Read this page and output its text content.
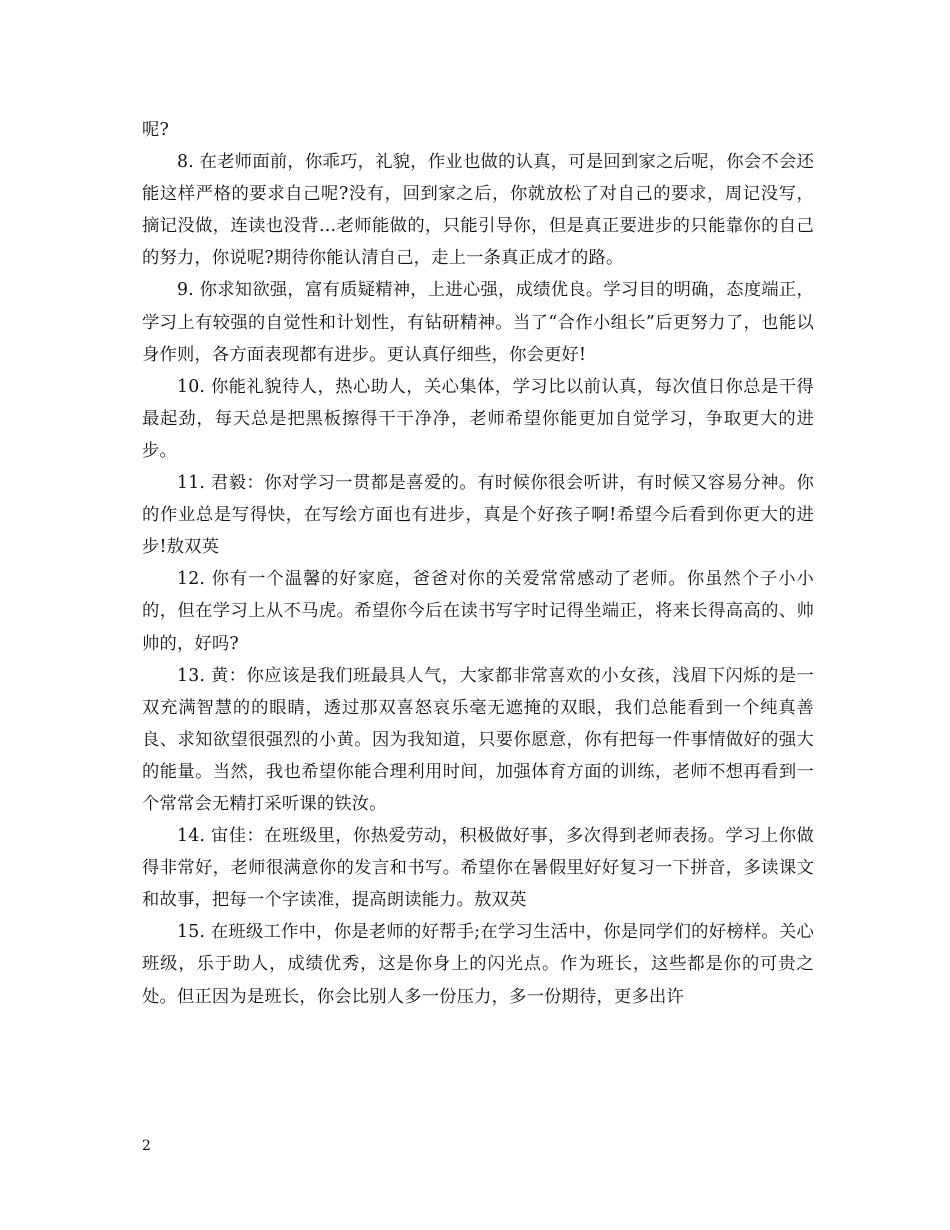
呢?

8. 在老师面前，你乖巧，礼貌，作业也做的认真，可是回到家之后呢，你会不会还能这样严格的要求自己呢?没有，回到家之后，你就放松了对自己的要求，周记没写，摘记没做，连读也没背…老师能做的，只能引导你，但是真正要进步的只能靠你的自己的努力，你说呢?期待你能认清自己，走上一条真正成才的路。

9. 你求知欲强，富有质疑精神，上进心强，成绩优良。学习目的明确，态度端正，学习上有较强的自觉性和计划性，有钻研精神。当了“合作小组长”后更努力了，也能以身作则，各方面表现都有进步。更认真仔细些，你会更好!

10. 你能礼貌待人，热心助人，关心集体，学习比以前认真，每次值日你总是干得最起劲，每天总是把黑板擦得干干净净，老师希望你能更加自觉学习，争取更大的进步。

11. 君毅：你对学习一贯都是喜爱的。有时候你很会听讲，有时候又容易分神。你的作业总是写得快，在写绘方面也有进步，真是个好孩子啊!希望今后看到你更大的进步!敖双英

12. 你有一个温馨的好家庭，爸爸对你的关爱常常感动了老师。你虽然个子小小的，但在学习上从不马虎。希望你今后在读书写字时记得坐端正，将来长得高高的、帅帅的，好吗?

13. 黄：你应该是我们班最具人气，大家都非常喜欢的小女孩，浅眉下闪烁的是一双充满智慧的的眼睛，透过那双喜怒哀乐毫无遮掩的双眼，我们总能看到一个纯真善良、求知欲望很强烈的小黄。因为我知道，只要你愿意，你有把每一件事情做好的强大的能量。当然，我也希望你能合理利用时间，加强体育方面的训练，老师不想再看到一个常常会无精打采听课的铁汝。

14. 宙佳：在班级里，你热爱劳动，积极做好事，多次得到老师表扬。学习上你做得非常好，老师很满意你的发言和书写。希望你在暑假里好好复习一下拼音，多读课文和故事，把每一个字读准，提高朗读能力。敖双英

15. 在班级工作中，你是老师的好帮手;在学习生活中，你是同学们的好榜样。关心班级，乐于助人，成绩优秀，这是你身上的闪光点。作为班长，这些都是你的可贵之处。但正因为是班长，你会比别人多一份压力，多一份期待，更多出许

2
